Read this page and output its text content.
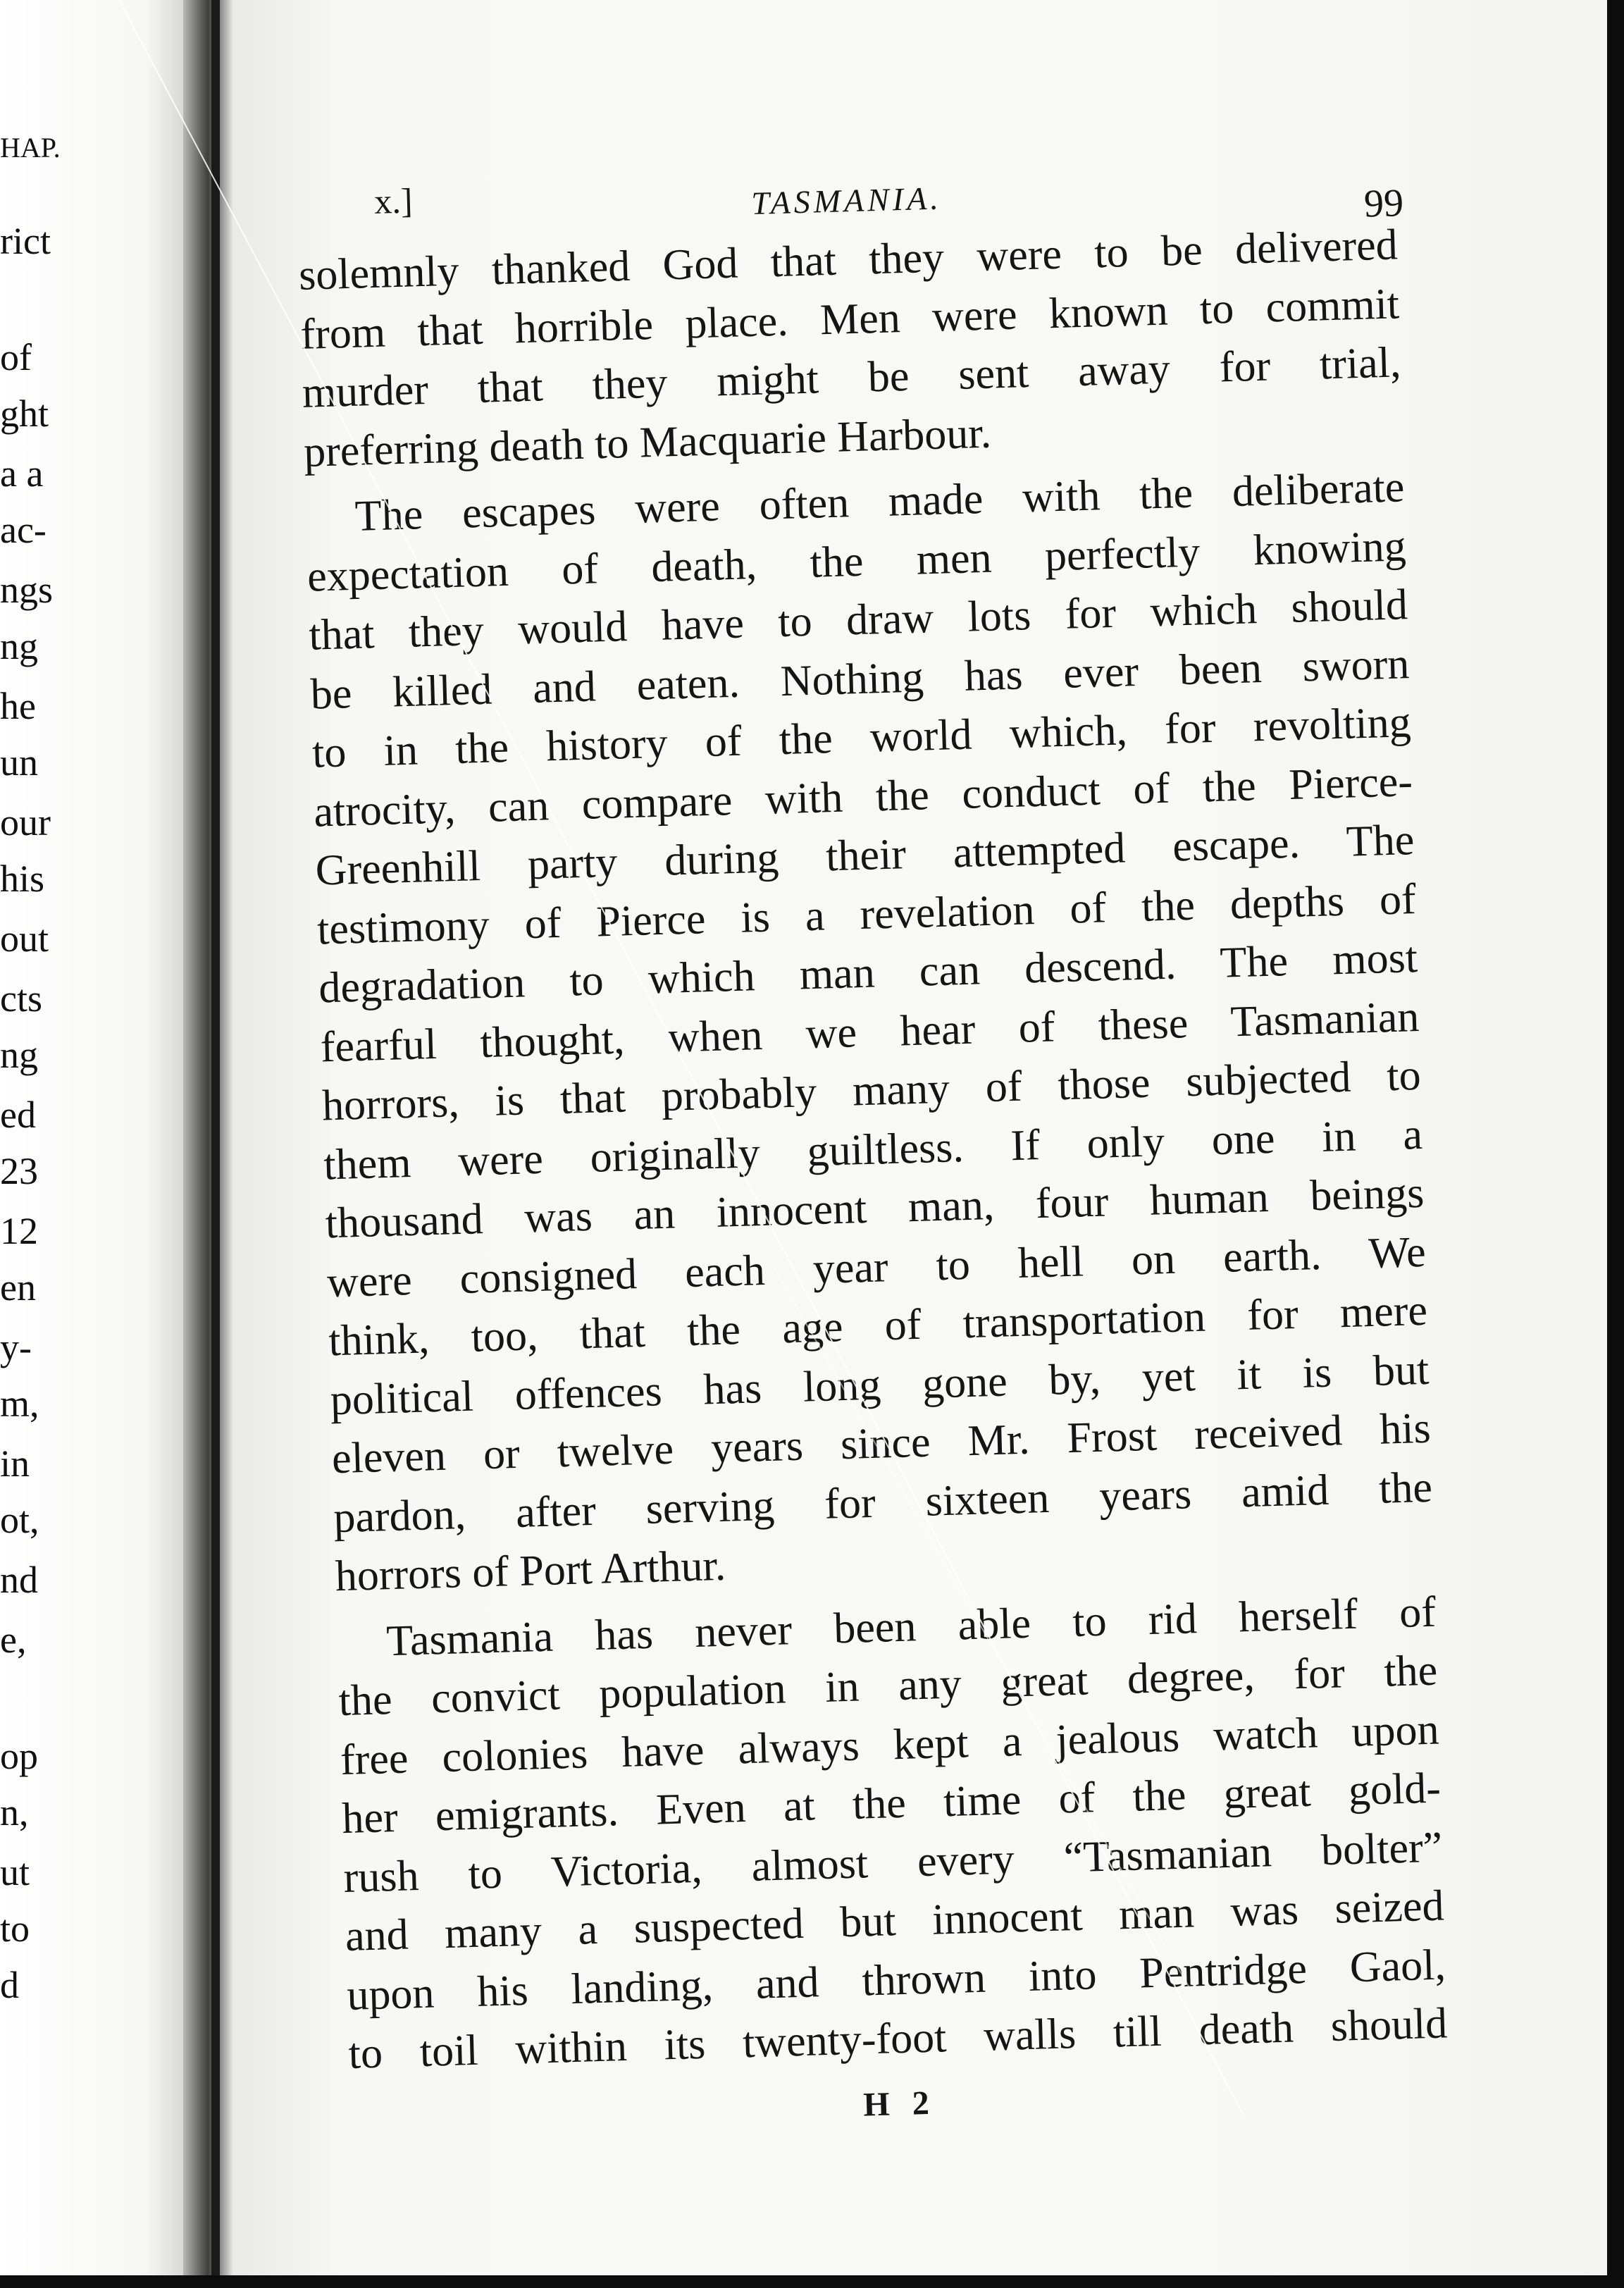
HAP.
rict
of
ght
a a
ac-
ngs
ng
he
un
our
his
out
cts
ng
ed
23
12
en
y-
m,
in
ot,
nd
e,
op
n,
ut
to
d
x.]	TASMANIA.	99
solemnly thanked God that they were to be delivered
from that horrible place. Men were known to commit
murder that they might be sent away for trial,
preferring death to Macquarie Harbour.
The escapes were often made with the deliberate
expectation of death, the men perfectly knowing
that they would have to draw lots for which should
be killed and eaten. Nothing has ever been sworn
to in the history of the world which, for revolting
atrocity, can compare with the conduct of the Pierce-
Greenhill party during their attempted escape. The
testimony of Pierce is a revelation of the depths of
degradation to which man can descend. The most
fearful thought, when we hear of these Tasmanian
horrors, is that probably many of those subjected to
them were originally guiltless. If only one in a
thousand was an innocent man, four human beings
were consigned each year to hell on earth. We
think, too, that the age of transportation for mere
political offences has long gone by, yet it is but
eleven or twelve years since Mr. Frost received his
pardon, after serving for sixteen years amid the
horrors of Port Arthur.
Tasmania has never been able to rid herself of
the convict population in any great degree, for the
free colonies have always kept a jealous watch upon
her emigrants. Even at the time of the great gold-
rush to Victoria, almost every “Tasmanian bolter”
and many a suspected but innocent man was seized
upon his landing, and thrown into Pentridge Gaol,
to toil within its twenty-foot walls till death should
H 2
